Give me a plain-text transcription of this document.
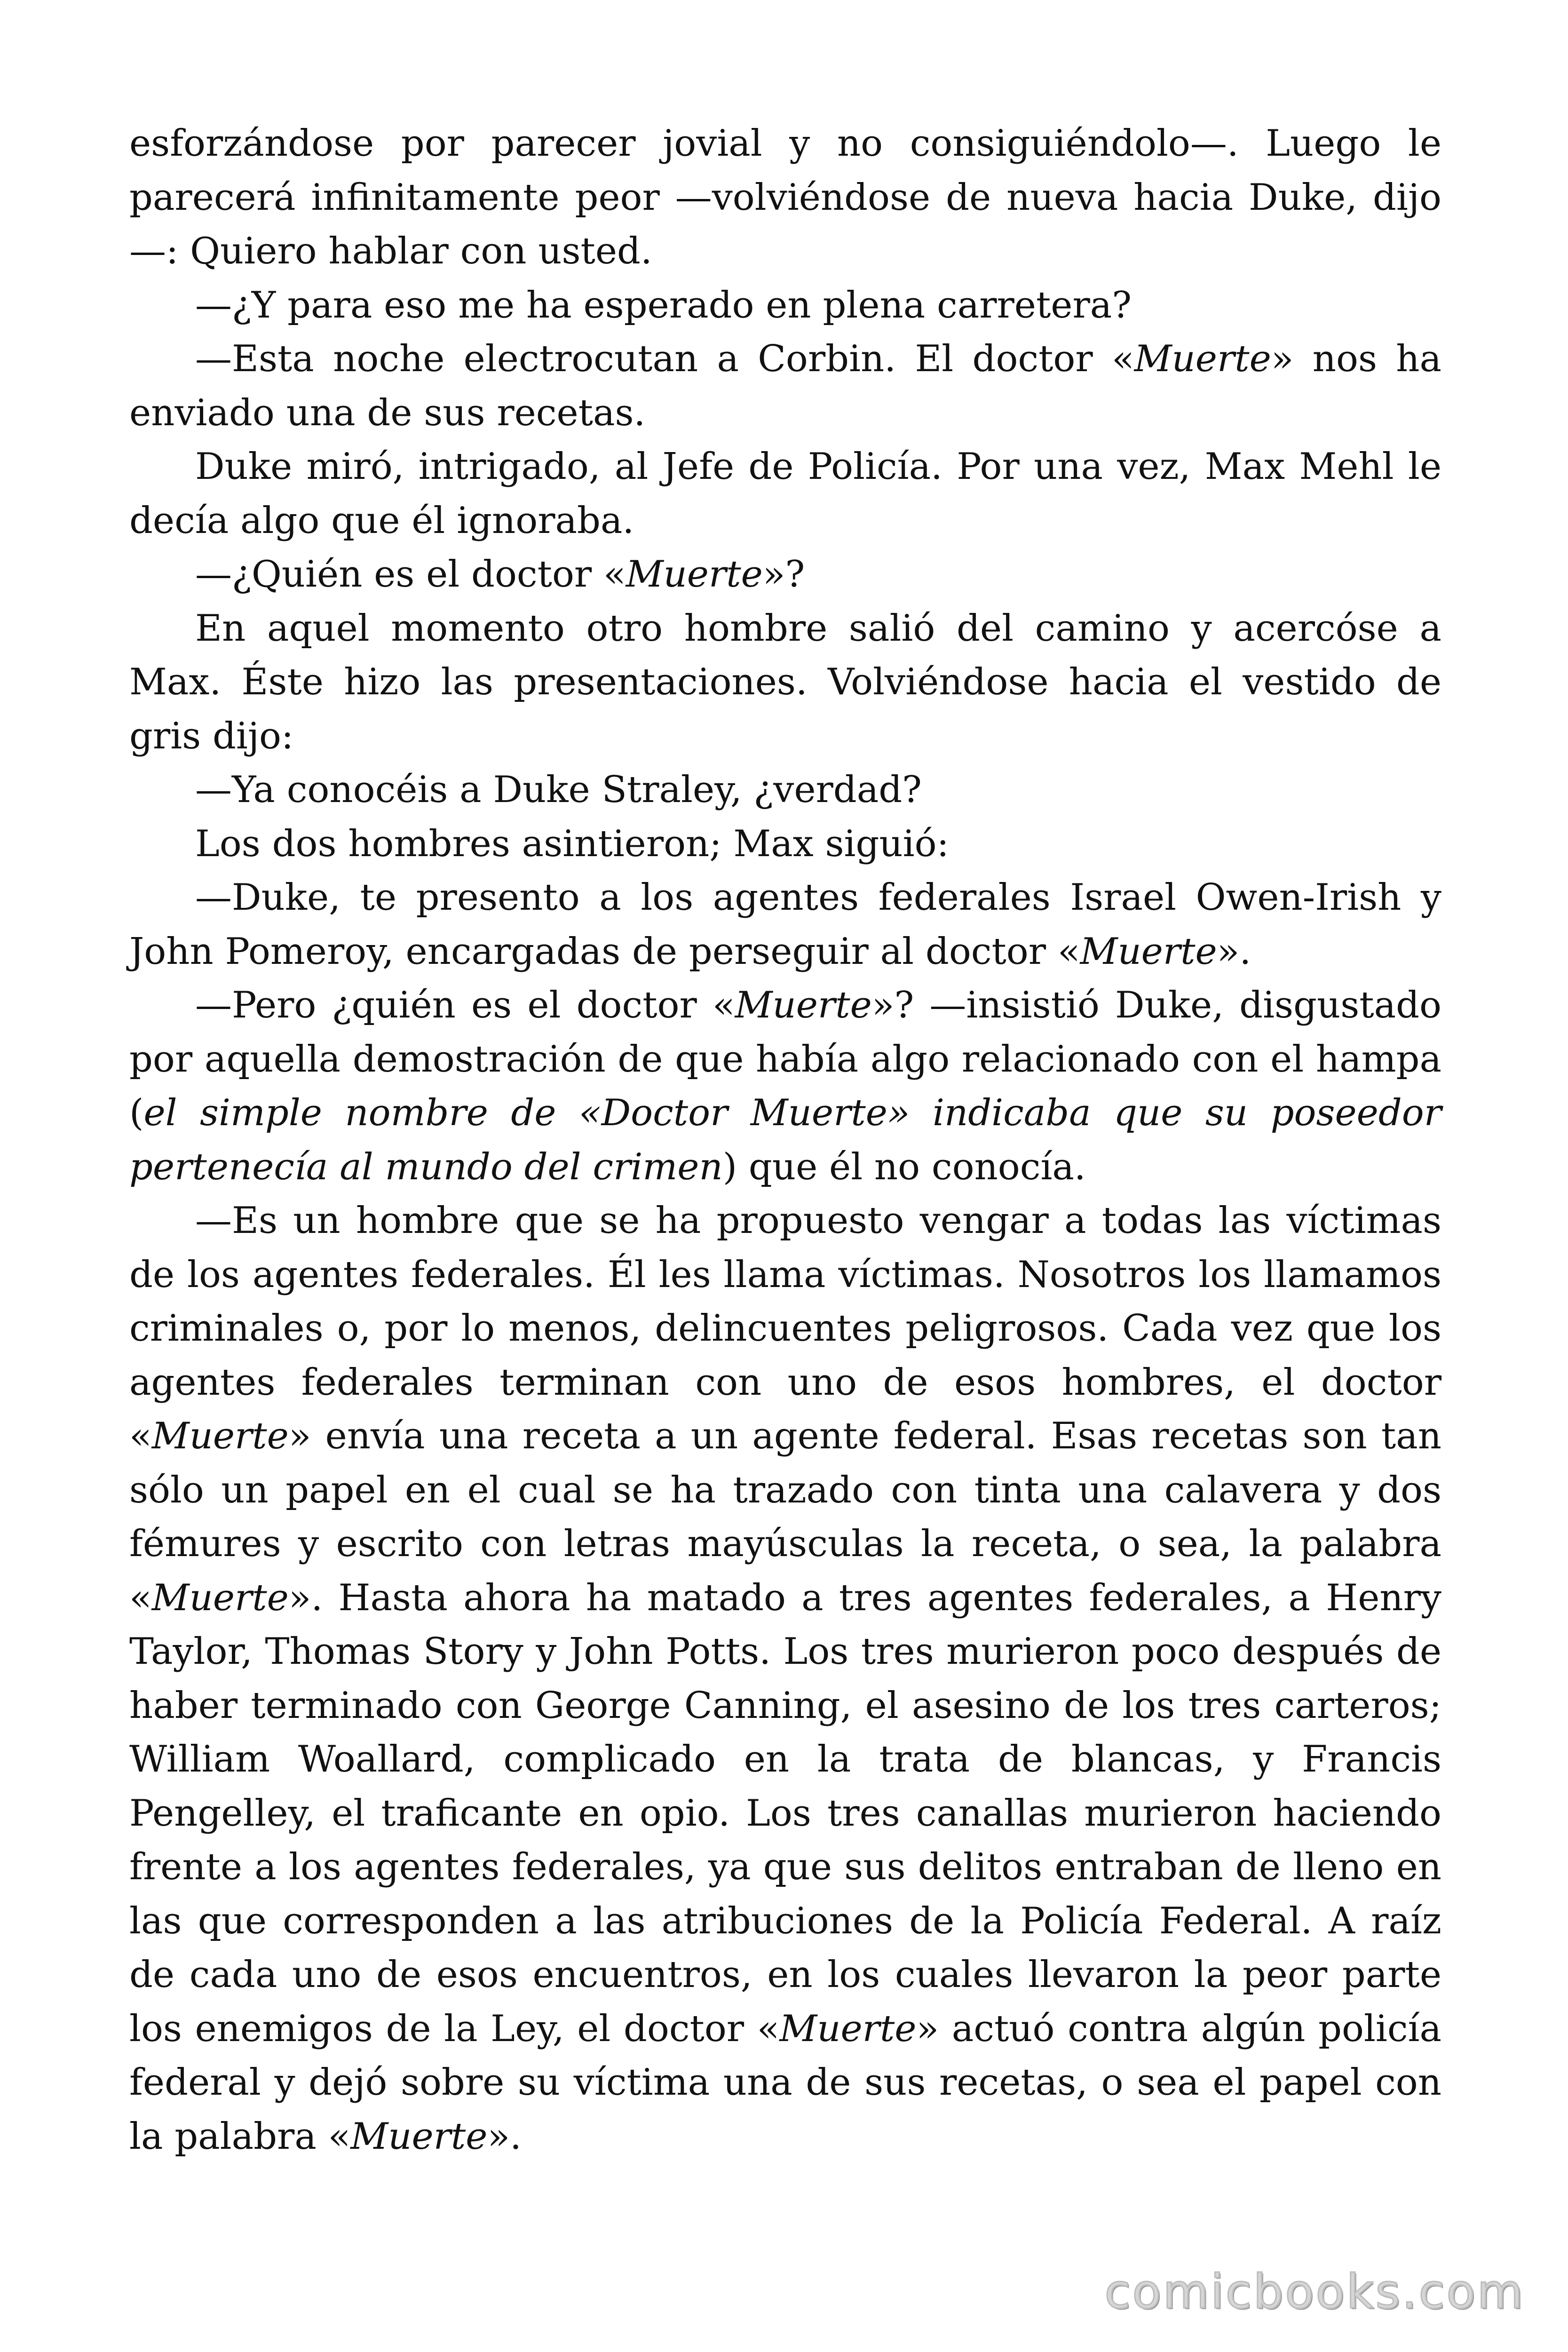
esforzándose por parecer jovial y no consiguiéndolo—. Luego le parecerá infinitamente peor —volviéndose de nueva hacia Duke, dijo—: Quiero hablar con usted.

—¿Y para eso me ha esperado en plena carretera?

—Esta noche electrocutan a Corbin. El doctor «Muerte» nos ha enviado una de sus recetas.

Duke miró, intrigado, al Jefe de Policía. Por una vez, Max Mehl le decía algo que él ignoraba.

—¿Quién es el doctor «Muerte»?

En aquel momento otro hombre salió del camino y acercóse a Max. Éste hizo las presentaciones. Volviéndose hacia el vestido de gris dijo:

—Ya conocéis a Duke Straley, ¿verdad?

Los dos hombres asintieron; Max siguió:

—Duke, te presento a los agentes federales Israel Owen-Irish y John Pomeroy, encargadas de perseguir al doctor «Muerte».

—Pero ¿quién es el doctor «Muerte»? —insistió Duke, disgustado por aquella demostración de que había algo relacionado con el hampa (el simple nombre de «Doctor Muerte» indicaba que su poseedor pertenecía al mundo del crimen) que él no conocía.

—Es un hombre que se ha propuesto vengar a todas las víctimas de los agentes federales. Él les llama víctimas. Nosotros los llamamos criminales o, por lo menos, delincuentes peligrosos. Cada vez que los agentes federales terminan con uno de esos hombres, el doctor «Muerte» envía una receta a un agente federal. Esas recetas son tan sólo un papel en el cual se ha trazado con tinta una calavera y dos fémures y escrito con letras mayúsculas la receta, o sea, la palabra «Muerte». Hasta ahora ha matado a tres agentes federales, a Henry Taylor, Thomas Story y John Potts. Los tres murieron poco después de haber terminado con George Canning, el asesino de los tres carteros; William Woallard, complicado en la trata de blancas, y Francis Pengelley, el traficante en opio. Los tres canallas murieron haciendo frente a los agentes federales, ya que sus delitos entraban de lleno en las que corresponden a las atribuciones de la Policía Federal. A raíz de cada uno de esos encuentros, en los cuales llevaron la peor parte los enemigos de la Ley, el doctor «Muerte» actuó contra algún policía federal y dejó sobre su víctima una de sus recetas, o sea el papel con la palabra «Muerte».

comicbooks.com
